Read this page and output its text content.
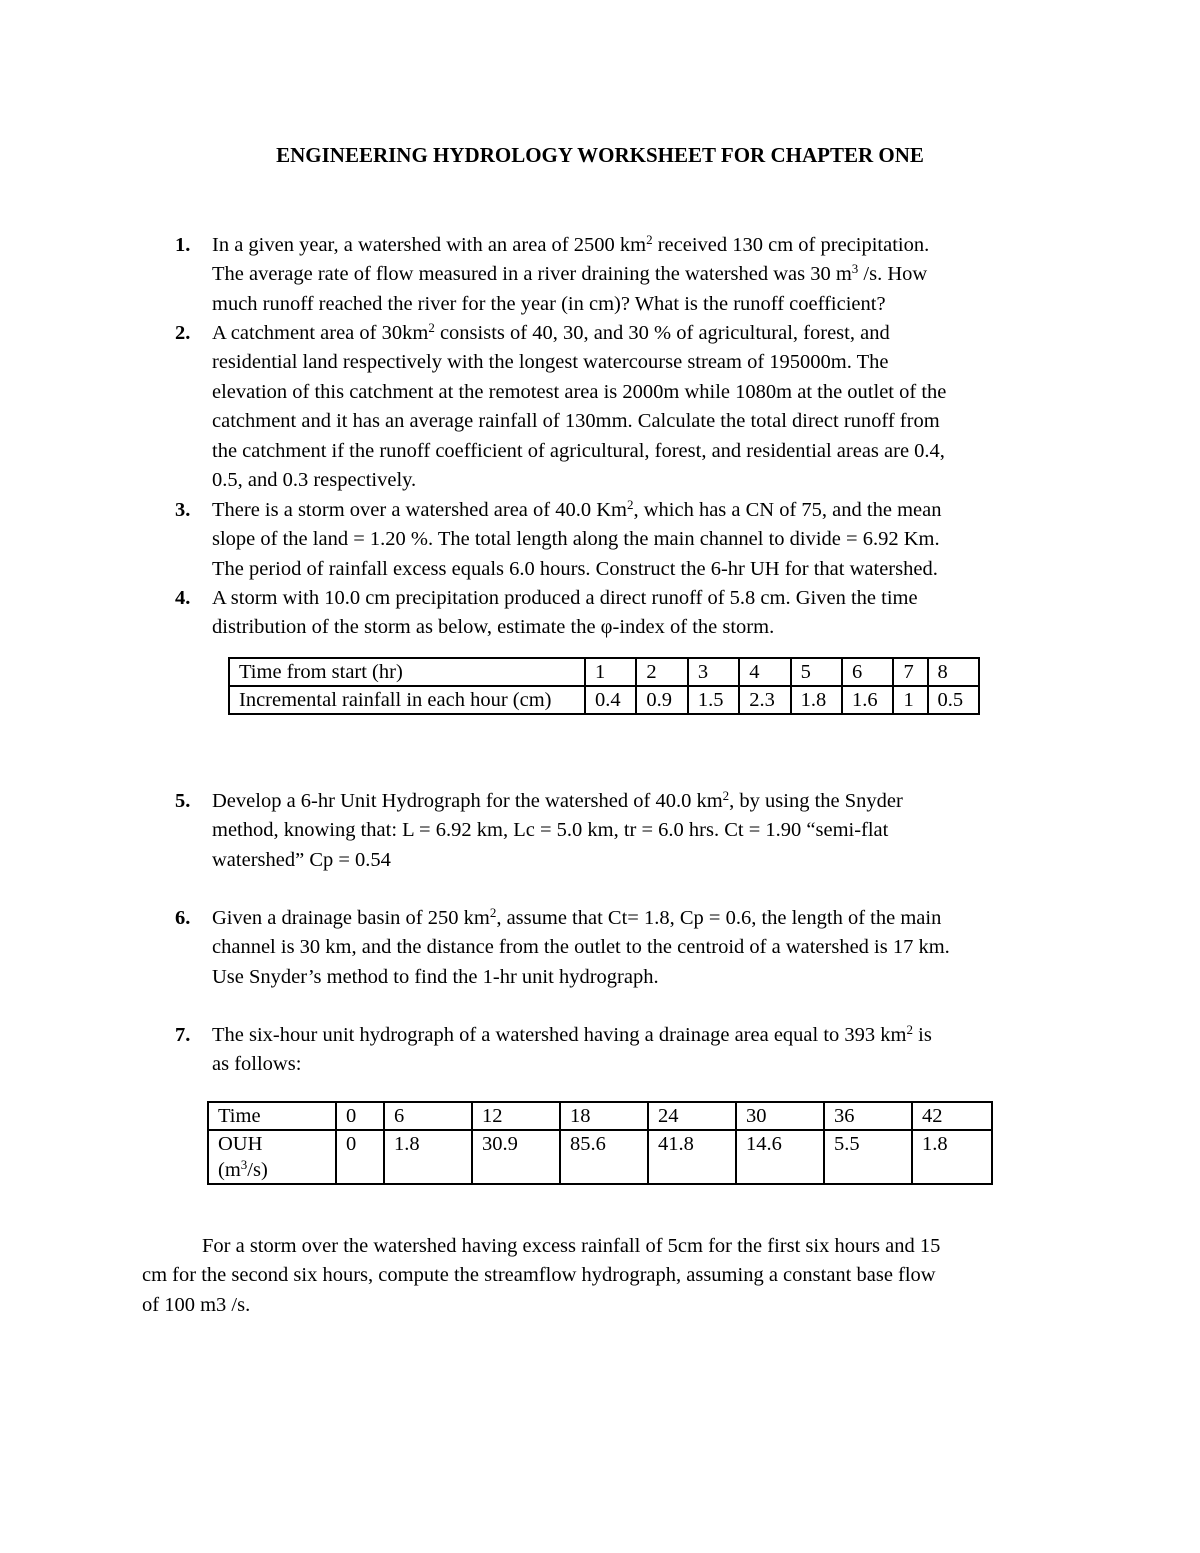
ENGINEERING HYDROLOGY WORKSHEET FOR CHAPTER ONE
1.	In a given year, a watershed with an area of 2500 $km^2$ received 130 cm of precipitation.
The average rate of flow measured in a river draining the watershed was 30 $m^3$ /s. How
much runoff reached the river for the year (in cm)? What is the runoff coefficient?
2.	A catchment area of $30km^2$ consists of 40, 30, and 30 % of agricultural, forest, and
residential land respectively with the longest watercourse stream of 195000m. The
elevation of this catchment at the remotest area is 2000m while 1080m at the outlet of the
catchment and it has an average rainfall of 130mm. Calculate the total direct runoff from
the catchment if the runoff coefficient of agricultural, forest, and residential areas are 0.4,
0.5, and 0.3 respectively.
3.	There is a storm over a watershed area of 40.0 Km$^2$, which has a CN of 75, and the mean
slope of the land = 1.20 %. The total length along the main channel to divide = 6.92 Km.
The period of rainfall excess equals 6.0 hours. Construct the 6-hr UH for that watershed.
4.	A storm with 10.0 cm precipitation produced a direct runoff of 5.8 cm. Given the time
distribution of the storm as below, estimate the φ-index of the storm.
Time from start (hr)	1	2	3	4	5	6	7	8
Incremental rainfall in each hour (cm)	0.4	0.9	1.5	2.3	1.8	1.6	1	0.5
5.	Develop a 6-hr Unit Hydrograph for the watershed of 40.0 $km^2$, by using the Snyder
method, knowing that: L = 6.92 km, Lc = 5.0 km, tr = 6.0 hrs. Ct = 1.90 “semi-flat
watershed” Cp = 0.54
6.	Given a drainage basin of 250 $km^2$, assume that Ct= 1.8, Cp = 0.6, the length of the main
channel is 30 km, and the distance from the outlet to the centroid of a watershed is 17 km.
Use Snyder’s method to find the 1-hr unit hydrograph.
7.	The six-hour unit hydrograph of a watershed having a drainage area equal to 393 $km^2$ is
as follows:
Time	0	6	12	18	24	30	36	42
OUH
$(m^3/s)$	0	1.8	30.9	85.6	41.8	14.6	5.5	1.8
For a storm over the watershed having excess rainfall of 5cm for the first six hours and 15
cm for the second six hours, compute the streamflow hydrograph, assuming a constant base flow
of 100 m3 /s.
